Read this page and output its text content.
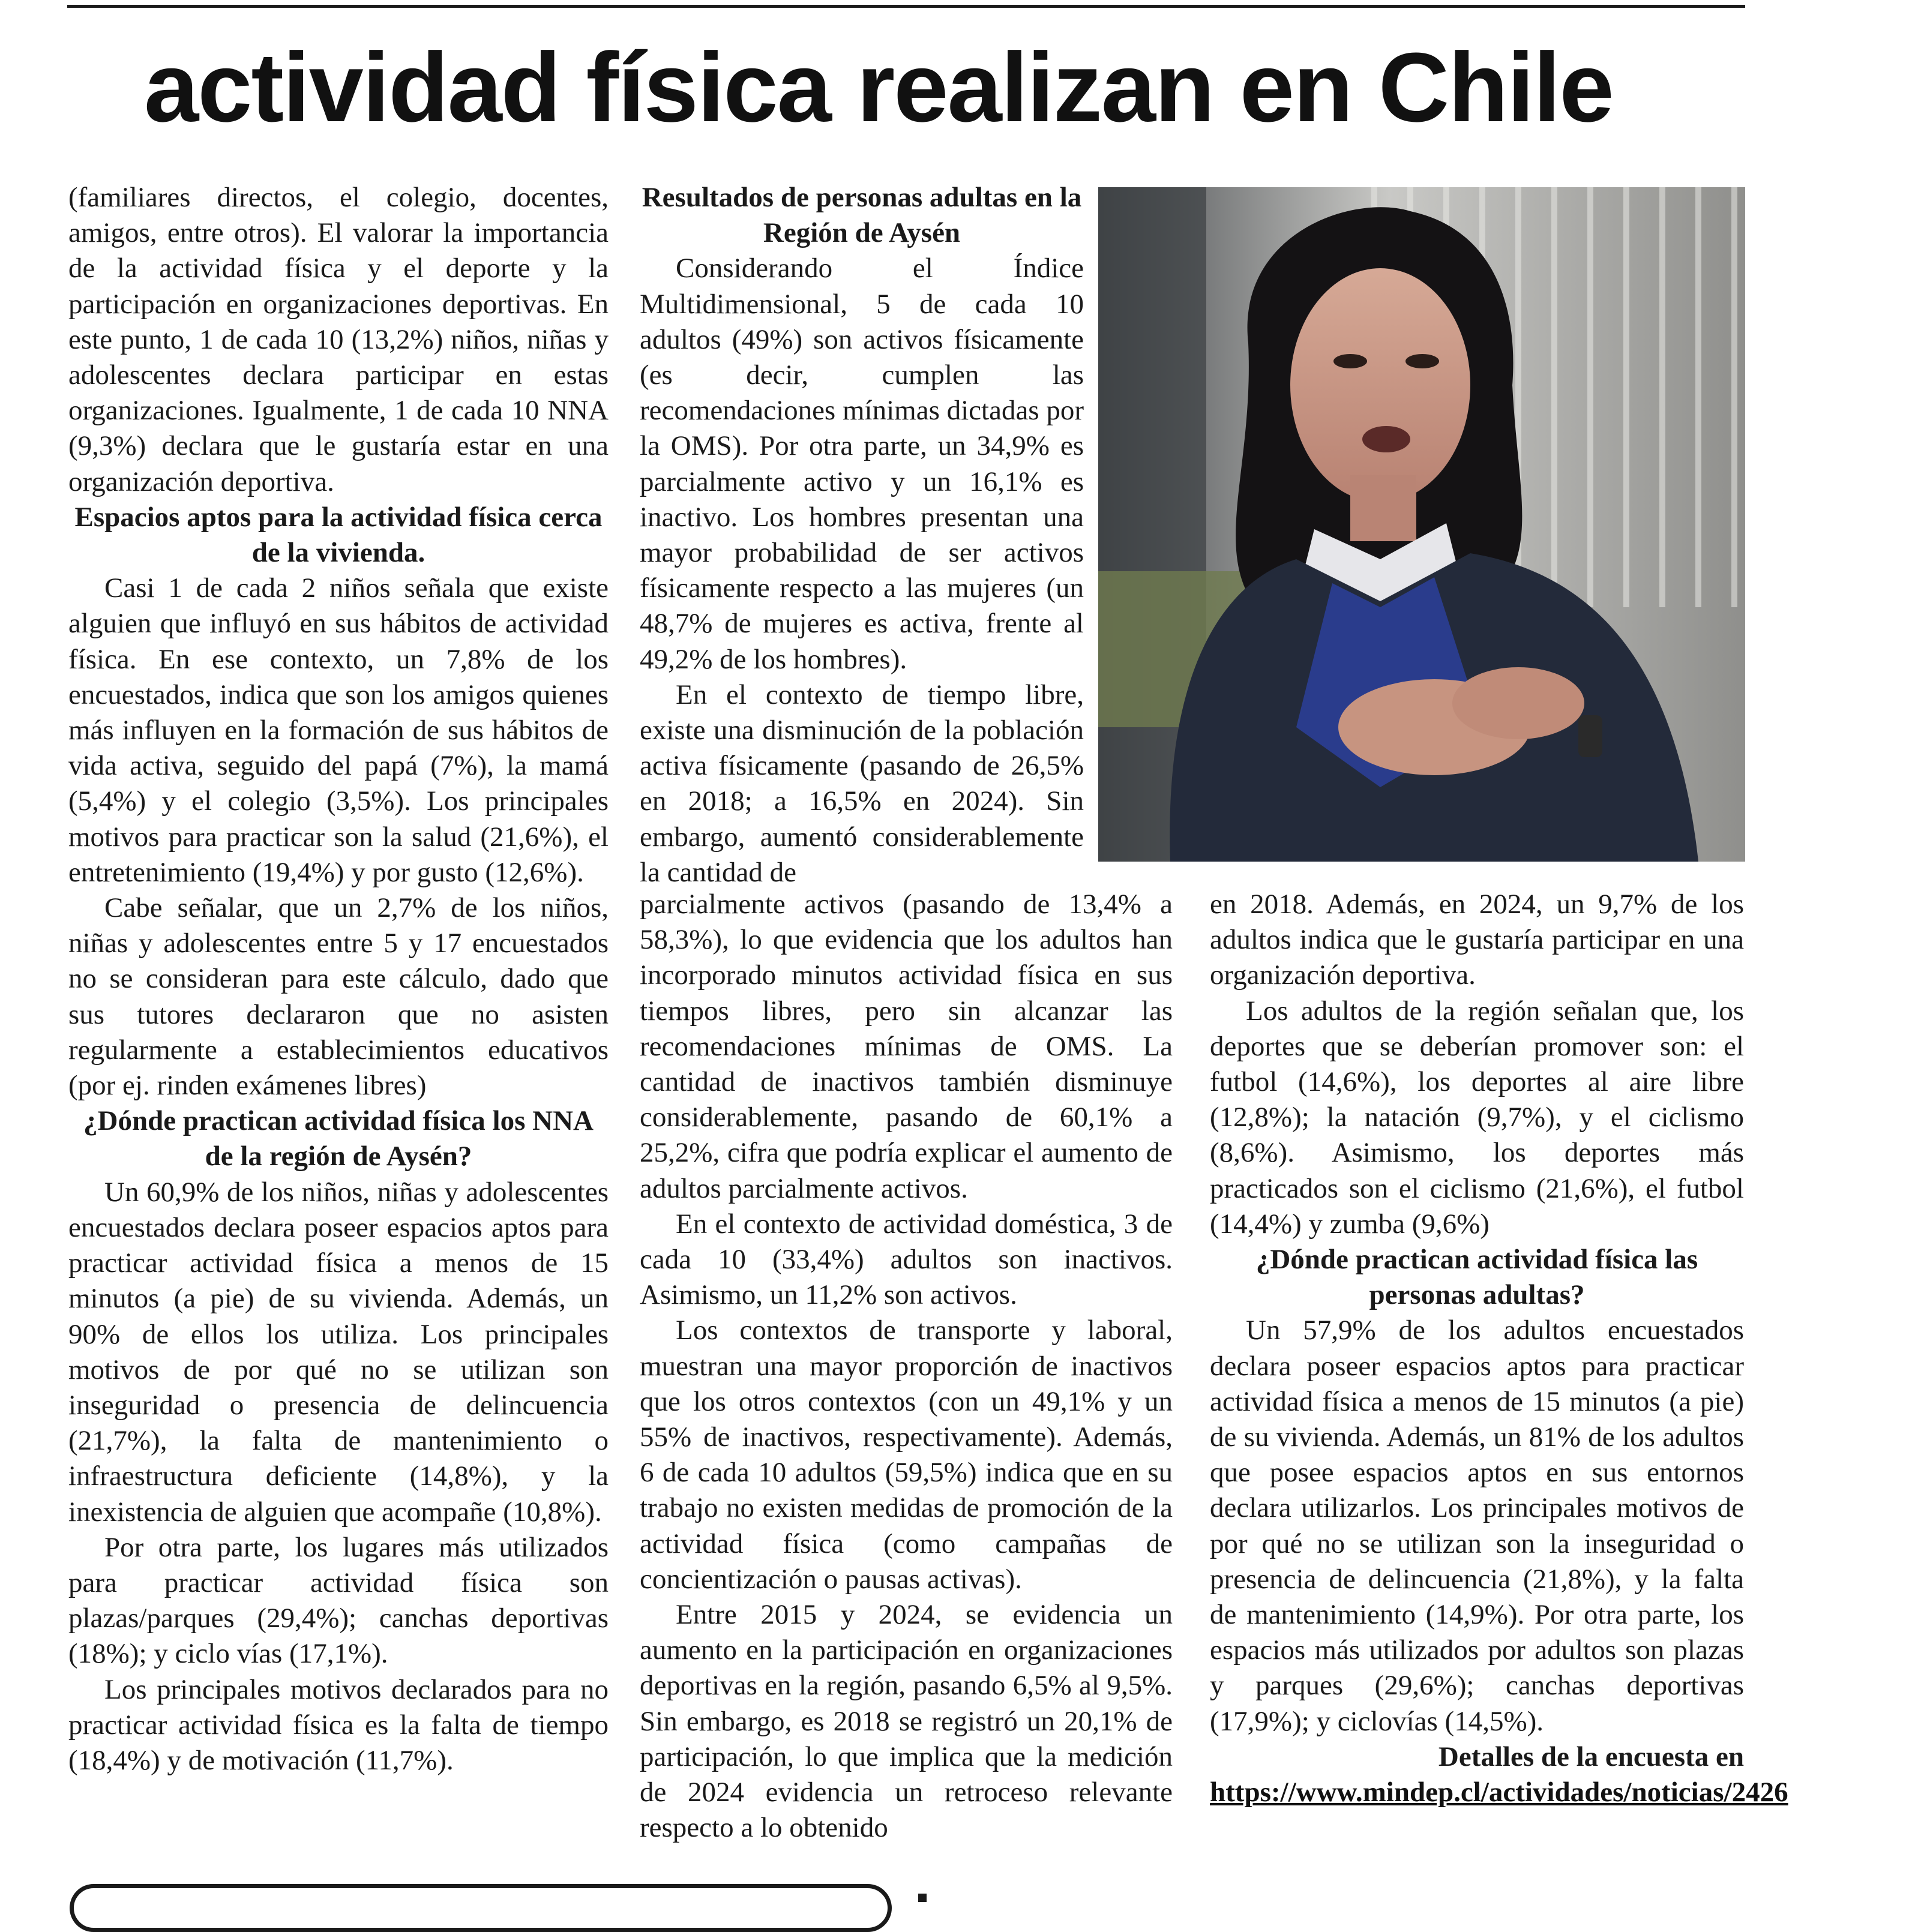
actividad física realizan en Chile

(familiares directos, el colegio, docentes, amigos, entre otros). El valorar la importancia de la actividad física y el deporte y la participación en organizaciones deportivas. En este punto, 1 de cada 10 (13,2%) niños, niñas y adolescentes declara participar en estas organizaciones. Igualmente, 1 de cada 10 NNA (9,3%) declara que le gustaría estar en una organización deportiva.

Espacios aptos para la actividad física cerca de la vivienda.

Casi 1 de cada 2 niños señala que existe alguien que influyó en sus hábitos de actividad física. En ese contexto, un 7,8% de los encuestados, indica que son los amigos quienes más influyen en la formación de sus hábitos de vida activa, seguido del papá (7%), la mamá (5,4%) y el colegio (3,5%). Los principales motivos para practicar son la salud (21,6%), el entretenimiento (19,4%) y por gusto (12,6%).

Cabe señalar, que un 2,7% de los niños, niñas y adolescentes entre 5 y 17 encuestados no se consideran para este cálculo, dado que sus tutores declararon que no asisten regularmente a establecimientos educativos (por ej. rinden exámenes libres)

¿Dónde practican actividad física los NNA de la región de Aysén?

Un 60,9% de los niños, niñas y adolescentes encuestados declara poseer espacios aptos para practicar actividad física a menos de 15 minutos (a pie) de su vivienda. Además, un 90% de ellos los utiliza. Los principales motivos de por qué no se utilizan son inseguridad o presencia de delincuencia (21,7%), la falta de mantenimiento o infraestructura deficiente (14,8%), y la inexistencia de alguien que acompañe (10,8%).

Por otra parte, los lugares más utilizados para practicar actividad física son plazas/parques (29,4%); canchas deportivas (18%); y ciclo vías (17,1%).

Los principales motivos declarados para no practicar actividad física es la falta de tiempo (18,4%) y de motivación (11,7%).

Resultados de personas adultas en la Región de Aysén

Considerando el Índice Multidimensional, 5 de cada 10 adultos (49%) son activos físicamente (es decir, cumplen las recomendaciones mínimas dictadas por la OMS). Por otra parte, un 34,9% es parcialmente activo y un 16,1% es inactivo. Los hombres presentan una mayor probabilidad de ser activos físicamente respecto a las mujeres (un 48,7% de mujeres es activa, frente al 49,2% de los hombres).

En el contexto de tiempo libre, existe una disminución de la población activa físicamente (pasando de 26,5% en 2018; a 16,5% en 2024). Sin embargo, aumentó considerablemente la cantidad de

parcialmente activos (pasando de 13,4% a 58,3%), lo que evidencia que los adultos han incorporado minutos actividad física en sus tiempos libres, pero sin alcanzar las recomendaciones mínimas de OMS. La cantidad de inactivos también disminuye considerablemente, pasando de 60,1% a 25,2%, cifra que podría explicar el aumento de adultos parcialmente activos.

En el contexto de actividad doméstica, 3 de cada 10 (33,4%) adultos son inactivos. Asimismo, un 11,2% son activos.

Los contextos de transporte y laboral, muestran una mayor proporción de inactivos que los otros contextos (con un 49,1% y un 55% de inactivos, respectivamente). Además, 6 de cada 10 adultos (59,5%) indica que en su trabajo no existen medidas de promoción de la actividad física (como campañas de concientización o pausas activas).

Entre 2015 y 2024, se evidencia un aumento en la participación en organizaciones deportivas en la región, pasando 6,5% al 9,5%. Sin embargo, es 2018 se registró un 20,1% de participación, lo que implica que la medición de 2024 evidencia un retroceso relevante respecto a lo obtenido

en 2018. Además, en 2024, un 9,7% de los adultos indica que le gustaría participar en una organización deportiva.

Los adultos de la región señalan que, los deportes que se deberían promover son: el futbol (14,6%), los deportes al aire libre (12,8%); la natación (9,7%), y el ciclismo (8,6%). Asimismo, los deportes más practicados son el ciclismo (21,6%), el futbol (14,4%) y zumba (9,6%)

¿Dónde practican actividad física las personas adultas?

Un 57,9% de los adultos encuestados declara poseer espacios aptos para practicar actividad física a menos de 15 minutos (a pie) de su vivienda. Además, un 81% de los adultos que posee espacios aptos en sus entornos declara utilizarlos. Los principales motivos de por qué no se utilizan son la inseguridad o presencia de delincuencia (21,8%), y la falta de mantenimiento (14,9%). Por otra parte, los espacios más utilizados por adultos son plazas y parques (29,6%); canchas deportivas (17,9%); y ciclovías (14,5%).

Detalles de la encuesta en

https://www.mindep.cl/actividades/noticias/2426
